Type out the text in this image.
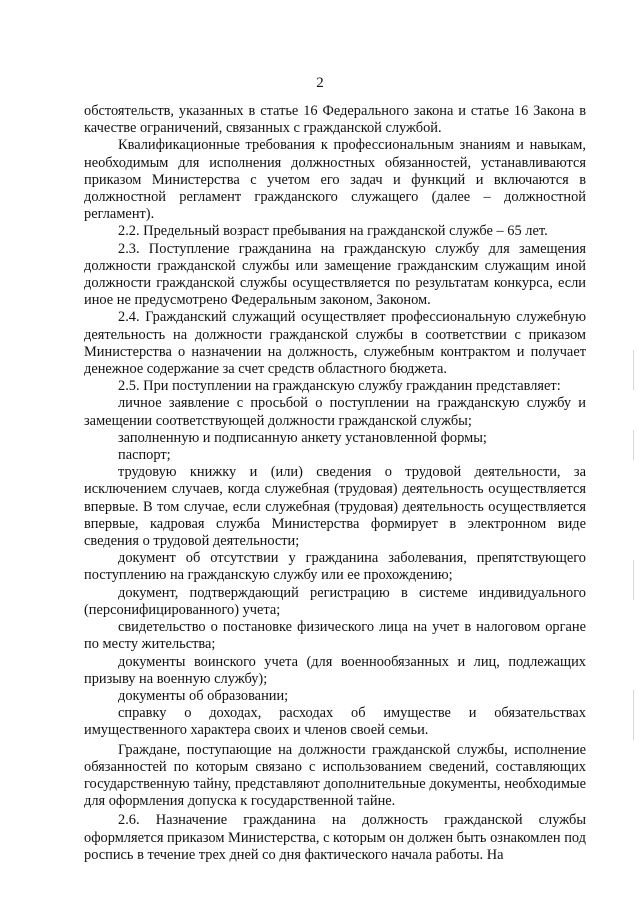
2

обстоятельств, указанных в статье 16 Федерального закона и статье 16 Закона в качестве ограничений, связанных с гражданской службой.

Квалификационные требования к профессиональным знаниям и навыкам, необходимым для исполнения должностных обязанностей, устанавливаются приказом Министерства с учетом его задач и функций и включаются в должностной регламент гражданского служащего (далее – должностной регламент).

2.2. Предельный возраст пребывания на гражданской службе – 65 лет.

2.3. Поступление гражданина на гражданскую службу для замещения должности гражданской службы или замещение гражданским служащим иной должности гражданской службы осуществляется по результатам конкурса, если иное не предусмотрено Федеральным законом, Законом.

2.4. Гражданский служащий осуществляет профессиональную служебную деятельность на должности гражданской службы в соответствии с приказом Министерства о назначении на должность, служебным контрактом и получает денежное содержание за счет средств областного бюджета.

2.5. При поступлении на гражданскую службу гражданин представляет:

личное заявление с просьбой о поступлении на гражданскую службу и замещении соответствующей должности гражданской службы;

заполненную и подписанную анкету установленной формы;

паспорт;

трудовую книжку и (или) сведения о трудовой деятельности, за исключением случаев, когда служебная (трудовая) деятельность осуществляется впервые. В том случае, если служебная (трудовая) деятельность осуществляется впервые, кадровая служба Министерства формирует в электронном виде сведения о трудовой деятельности;

документ об отсутствии у гражданина заболевания, препятствующего поступлению на гражданскую службу или ее прохождению;

документ, подтверждающий регистрацию в системе индивидуального (персонифицированного) учета;

свидетельство о постановке физического лица на учет в налоговом органе по месту жительства;

документы воинского учета (для военнообязанных и лиц, подлежащих призыву на военную службу);

документы об образовании;

справку о доходах, расходах об имуществе и обязательствах имущественного характера своих и членов своей семьи.

Граждане, поступающие на должности гражданской службы, исполнение обязанностей по которым связано с использованием сведений, составляющих государственную тайну, представляют дополнительные документы, необходимые для оформления допуска к государственной тайне.

2.6. Назначение гражданина на должность гражданской службы оформляется приказом Министерства, с которым он должен быть ознакомлен под роспись в течение трех дней со дня фактического начала работы. На
